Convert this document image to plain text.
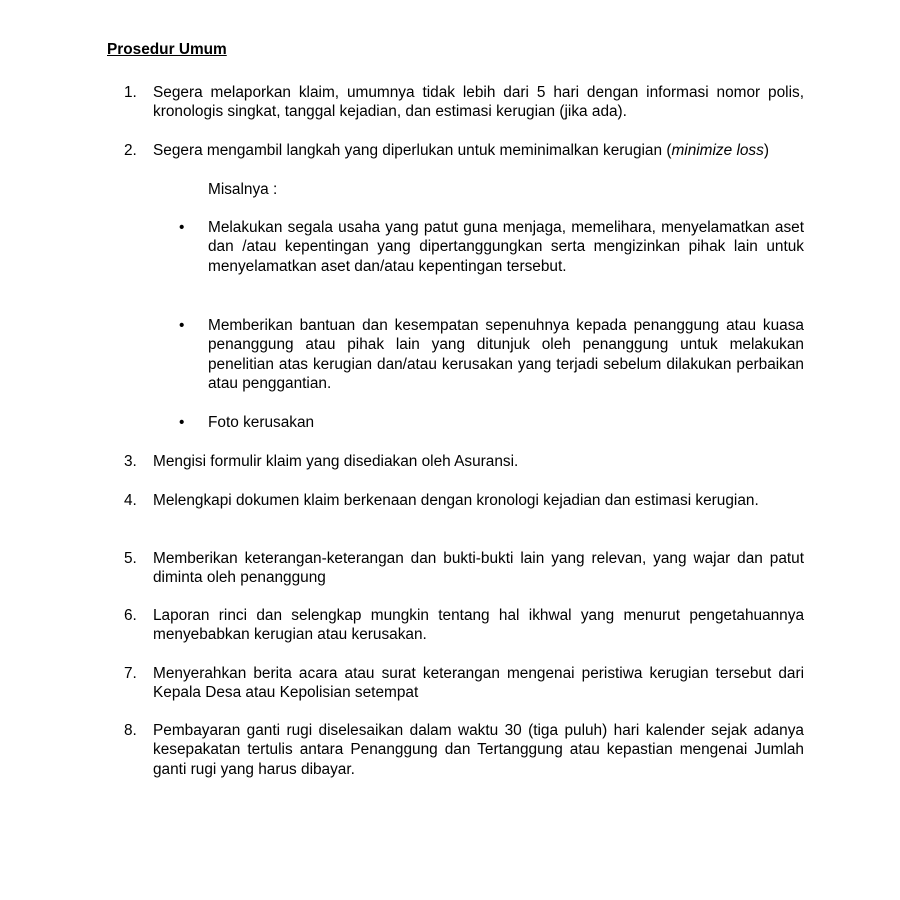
Prosedur Umum
1. Segera melaporkan klaim, umumnya tidak lebih dari 5 hari dengan informasi nomor polis, kronologis singkat, tanggal kejadian, dan estimasi kerugian (jika ada).
2. Segera mengambil langkah yang diperlukan untuk meminimalkan kerugian (minimize loss)
Misalnya :
• Melakukan segala usaha yang patut guna menjaga, memelihara, menyelamatkan aset dan /atau kepentingan yang dipertanggungkan serta mengizinkan pihak lain untuk menyelamatkan aset dan/atau kepentingan tersebut.
• Memberikan bantuan dan kesempatan sepenuhnya kepada penanggung atau kuasa penanggung atau pihak lain yang ditunjuk oleh penanggung untuk melakukan penelitian atas kerugian dan/atau kerusakan yang terjadi sebelum dilakukan perbaikan atau penggantian.
• Foto kerusakan
3. Mengisi formulir klaim yang disediakan oleh Asuransi.
4. Melengkapi dokumen klaim berkenaan dengan kronologi kejadian dan estimasi kerugian.
5. Memberikan keterangan-keterangan dan bukti-bukti lain yang relevan, yang wajar dan patut diminta oleh penanggung
6. Laporan rinci dan selengkap mungkin tentang hal ikhwal yang menurut pengetahuannya menyebabkan kerugian atau kerusakan.
7. Menyerahkan berita acara atau surat keterangan mengenai peristiwa kerugian tersebut dari Kepala Desa atau Kepolisian setempat
8. Pembayaran ganti rugi diselesaikan dalam waktu 30 (tiga puluh) hari kalender sejak adanya kesepakatan tertulis antara Penanggung dan Tertanggung atau kepastian mengenai Jumlah ganti rugi yang harus dibayar.
